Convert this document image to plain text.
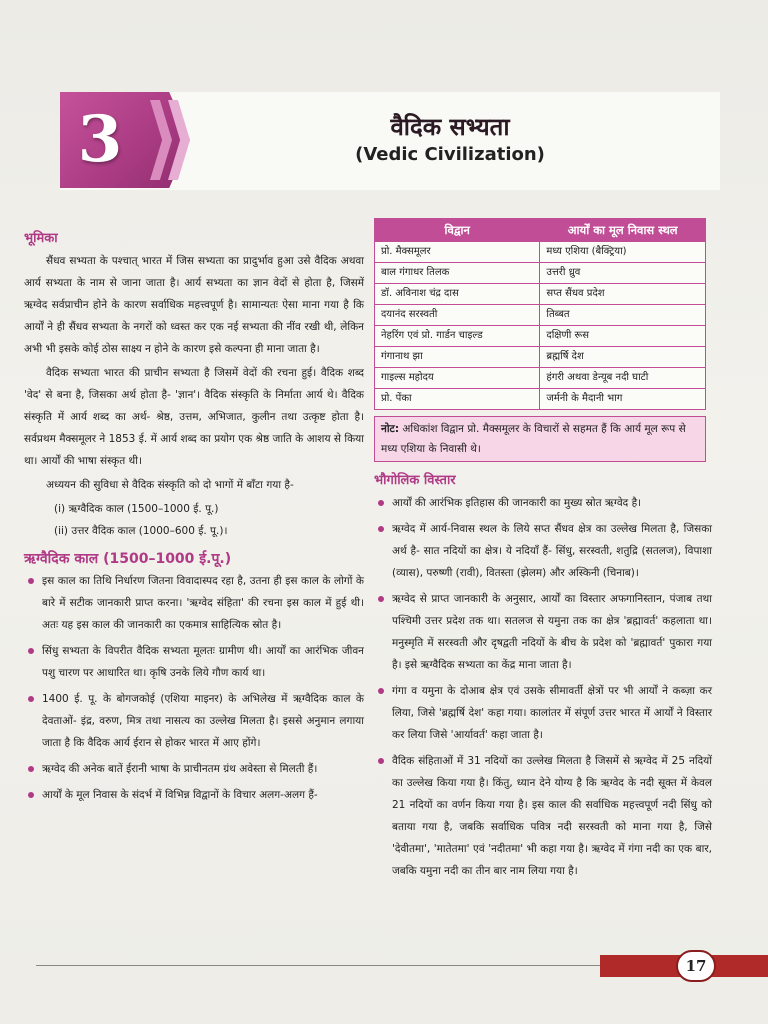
3	वैदिक सभ्यता
(Vedic Civilization)
भूमिका

सैंधव सभ्यता के पश्चात् भारत में जिस सभ्यता का प्रादुर्भाव हुआ उसे वैदिक अथवा आर्य सभ्यता के नाम से जाना जाता है। आर्य सभ्यता का ज्ञान वेदों से होता है, जिसमें ऋग्वेद सर्वप्राचीन होने के कारण सर्वाधिक महत्त्वपूर्ण है। सामान्यतः ऐसा माना गया है कि आर्यों ने ही सैंधव सभ्यता के नगरों को ध्वस्त कर एक नई सभ्यता की नींव रखी थी, लेकिन अभी भी इसके कोई ठोस साक्ष्य न होने के कारण इसे कल्पना ही माना जाता है।

वैदिक सभ्यता भारत की प्राचीन सभ्यता है जिसमें वेदों की रचना हुई। वैदिक शब्द 'वेद' से बना है, जिसका अर्थ होता है- 'ज्ञान'। वैदिक संस्कृति के निर्माता आर्य थे। वैदिक संस्कृति में आर्य शब्द का अर्थ- श्रेष्ठ, उत्तम, अभिजात, कुलीन तथा उत्कृष्ट होता है। सर्वप्रथम मैक्समूलर ने 1853 ई. में आर्य शब्द का प्रयोग एक श्रेष्ठ जाति के आशय से किया था। आर्यों की भाषा संस्कृत थी।

अध्ययन की सुविधा से वैदिक संस्कृति को दो भागों में बाँटा गया है-

(i) ऋग्वैदिक काल (1500–1000 ई. पू.)
(ii) उत्तर वैदिक काल (1000–600 ई. पू.)।
ऋग्वैदिक काल (1500–1000 ई.पू.)
इस काल का तिथि निर्धारण जितना विवादास्पद रहा है, उतना ही इस काल के लोगों के बारे में सटीक जानकारी प्राप्त करना। 'ऋग्वेद संहिता' की रचना इस काल में हुई थी। अतः यह इस काल की जानकारी का एकमात्र साहित्यिक स्रोत है।
सिंधु सभ्यता के विपरीत वैदिक सभ्यता मूलतः ग्रामीण थी। आर्यों का आरंभिक जीवन पशु चारण पर आधारित था। कृषि उनके लिये गौण कार्य था।
1400 ई. पू. के बोगजकोई (एशिया माइनर) के अभिलेख में ऋग्वैदिक काल के देवताओं- इंद्र, वरुण, मित्र तथा नासत्य का उल्लेख मिलता है। इससे अनुमान लगाया जाता है कि वैदिक आर्य ईरान से होकर भारत में आए होंगे।
ऋग्वेद की अनेक बातें ईरानी भाषा के प्राचीनतम ग्रंथ अवेस्ता से मिलती हैं।
आर्यों के मूल निवास के संदर्भ में विभिन्न विद्वानों के विचार अलग-अलग हैं-
विद्वान	आर्यों का मूल निवास स्थल
प्रो. मैक्समूलर	मध्य एशिया (बैक्ट्रिया)
बाल गंगाधर तिलक	उत्तरी ध्रुव
डॉ. अविनाश चंद्र दास	सप्त सैंधव प्रदेश
दयानंद सरस्वती	तिब्बत
नेहरिंग एवं प्रो. गार्डन चाइल्ड	दक्षिणी रूस
गंगानाथ झा	ब्रह्मर्षि देश
गाइल्स महोदय	हंगरी अथवा डेन्यूब नदी घाटी
प्रो. पेंका	जर्मनी के मैदानी भाग
नोट: अधिकांश विद्वान प्रो. मैक्समूलर के विचारों से सहमत हैं कि आर्य मूल रूप से मध्य एशिया के निवासी थे।
भौगोलिक विस्तार
आर्यों की आरंभिक इतिहास की जानकारी का मुख्य स्रोत ऋग्वेद है।
ऋग्वेद में आर्य-निवास स्थल के लिये सप्त सैंधव क्षेत्र का उल्लेख मिलता है, जिसका अर्थ है- सात नदियों का क्षेत्र। ये नदियाँ हैं- सिंधु, सरस्वती, शतुद्रि (सतलज), विपाशा (व्यास), परुष्णी (रावी), वितस्ता (झेलम) और अस्किनी (चिनाब)।
ऋग्वेद से प्राप्त जानकारी के अनुसार, आर्यों का विस्तार अफगानिस्तान, पंजाब तथा पश्चिमी उत्तर प्रदेश तक था। सतलज से यमुना तक का क्षेत्र 'ब्रह्मावर्त' कहलाता था। मनुस्मृति में सरस्वती और दृषद्वती नदियों के बीच के प्रदेश को 'ब्रह्मावर्त' पुकारा गया है। इसे ऋग्वैदिक सभ्यता का केंद्र माना जाता है।
गंगा व यमुना के दोआब क्षेत्र एवं उसके सीमावर्ती क्षेत्रों पर भी आर्यों ने कब्ज़ा कर लिया, जिसे 'ब्रह्मर्षि देश' कहा गया। कालांतर में संपूर्ण उत्तर भारत में आर्यों ने विस्तार कर लिया जिसे 'आर्यावर्त' कहा जाता है।
वैदिक संहिताओं में 31 नदियों का उल्लेख मिलता है जिसमें से ऋग्वेद में 25 नदियों का उल्लेख किया गया है। किंतु, ध्यान देने योग्य है कि ऋग्वेद के नदी सूक्त में केवल 21 नदियों का वर्णन किया गया है। इस काल की सर्वाधिक महत्त्वपूर्ण नदी सिंधु को बताया गया है, जबकि सर्वाधिक पवित्र नदी सरस्वती को माना गया है, जिसे 'देवीतमा', 'मातेतमा' एवं 'नदीतमा' भी कहा गया है। ऋग्वेद में गंगा नदी का एक बार, जबकि यमुना नदी का तीन बार नाम लिया गया है।
17
